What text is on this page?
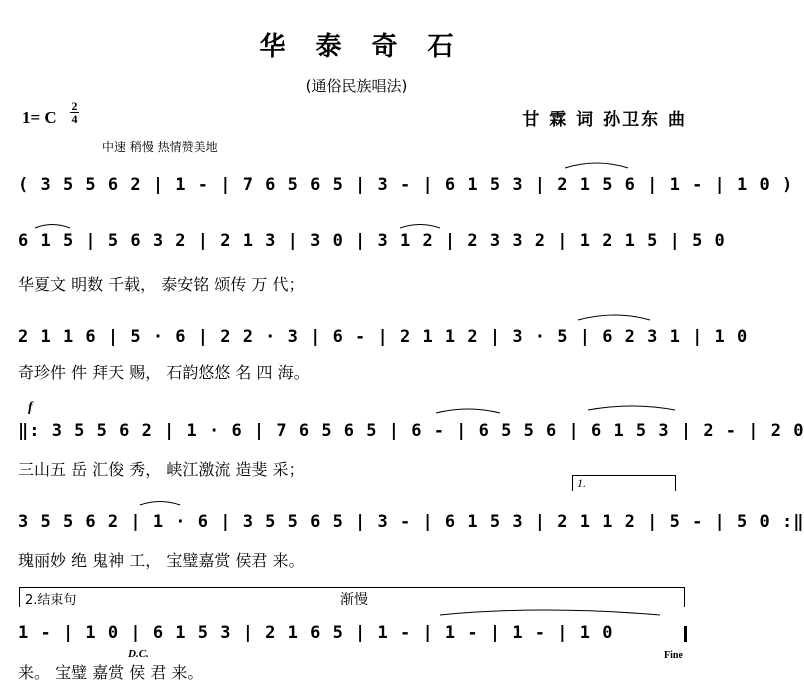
华泰奇石
(通俗民族唱法)
1= C
2
4	甘 霖 词 孙卫东 曲
中速 稍慢 热情赞美地
( 3 5 5 6 2 | 1 - | 7 6 5 6 5 | 3 - | 6 1 5 3 | 2 1 5 6 | 1 - | 1 0 )
6 1 5 | 5 6 3 2 | 2 1 3 | 3 0 | 3 1 2 | 2 3 3 2 | 1 2 1 5 | 5 0
华夏文 明数 千载， 泰安铭 颂传 万 代；
2 1 1 6 | 5 · 6 | 2 2 · 3 | 6 - | 2 1 1 2 | 3 · 5 | 6 2 3 1 | 1 0
奇珍件 件 拜天 赐， 石韵悠悠 名 四 海。
f
‖: 3 5 5 6 2 | 1 · 6 | 7 6 5 6 5 | 6 - | 6 5 5 6 | 6 1 5 3 | 2 - | 2 0
三山五 岳 汇俊 秀， 峡江激流 造斐 采；
1.
3 5 5 6 2 | 1 · 6 | 3 5 5 6 5 | 3 - | 6 1 5 3 | 2 1 1 2 | 5 - | 5 0 :‖
瑰丽妙 绝 鬼神 工， 宝璧嘉赏 侯君 来。
2.结束句	渐慢
1 - | 1 0 | 6 1 5 3 | 2 1 6 5 | 1 - | 1 - | 1 - | 1 0
D.C.	Fine
来。 宝璧 嘉赏 侯 君 来。
